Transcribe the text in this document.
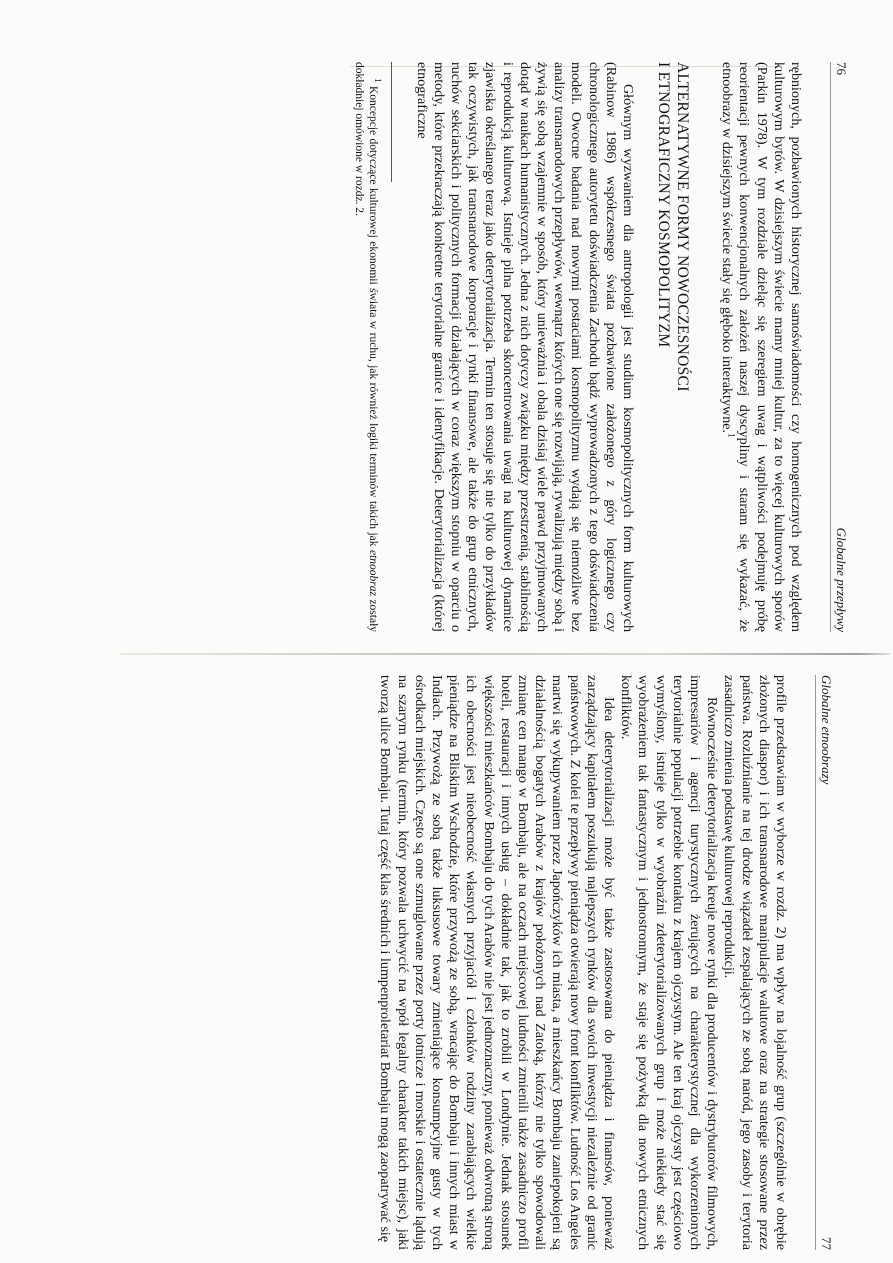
76
Globalne przepływy

rębnionych, pozbawionych historycznej samoświadomości czy homogenicznych pod względem kulturowym bytów. W dzisiejszym świecie mamy mniej kultur, za to więcej kulturowych sporów (Parkin 1978). W tym rozdziale dzieląc się szeregiem uwag i wątpliwości podejmuję próbę reorientacji pewnych konwencjonalnych założeń naszej dyscypliny i staram się wykazać, że etnoobrazy w dzisiejszym świecie stały się głęboko interaktywne.$^1$

ALTERNATYWNE FORMY NOWOCZESNOŚCI
I ETNOGRAFICZNY KOSMOPOLITYZM

Głównym wyzwaniem dla antropologii jest studium kosmopolitycznych form kulturowych (Rabinow 1986) współczesnego świata pozbawione założonego z góry logicznego czy chronologicznego autorytetu doświadczenia Zachodu bądź wyprowadzonych z tego doświadczenia modeli. Owocne badania nad nowymi postaciami kosmopolityzmu wydają się niemożliwe bez analizy transnarodowych przepływów, wewnątrz których one się rozwijają, rywalizują między sobą i żywią się sobą wzajemnie w sposób, który unieważnia i obala dzisiaj wiele prawd przyjmowanych dotąd w naukach humanistycznych. Jedna z nich dotyczy związku między przestrzenią, stabilnością i reprodukcją kulturową. Istnieje pilna potrzeba skoncentrowania uwagi na kulturowej dynamice zjawiska określanego teraz jako deterytorializacja. Termin ten stosuje się nie tylko do przykładów tak oczywistych, jak transnarodowe korporacje i rynki finansowe, ale także do grup etnicznych, ruchów sekciarskich i politycznych formacji działających w coraz większym stopniu w oparciu o metody, które przekraczają konkretne terytorialne granice i identyfikacje. Deterytorializacja (której etnograficzne

$^1$ Koncepcje dotyczące kulturowej ekonomii świata w ruchu, jak również logiki terminów takich jak etnoobraz zostały dokładniej omówione w rozdz. 2.

Globalne etnoobrazy
77

profile przedstawiam w wyborze w rozdz. 2) ma wpływ na lojalność grup (szczególnie w obrębie złożonych diaspor) i ich transnarodowe manipulacje walutowe oraz na strategie stosowane przez państwa. Rozluźnianie na tej drodze wiązadeł zespalających ze sobą naród, jego zasoby i terytoria zasadniczo zmienia podstawę kulturowej reprodukcji.

Równocześnie deterytorializacja kreuje nowe rynki dla producentów i dystrybutorów filmowych, impresariów i agencji turystycznych żerujących na charakterystycznej dla wykorzenionych terytorialnie populacji potrzebie kontaktu z krajem ojczystym. Ale ten kraj ojczysty jest częściowo wymyślony, istnieje tylko w wyobraźni zdeterytorializowanych grup i może niekiedy stać się wyobrażeniem tak fantastycznym i jednostronnym, że staje się pożywką dla nowych etnicznych konfliktów.

Idea deterytorializacji może być także zastosowana do pieniądza i finansów, ponieważ zarządzający kapitałem poszukują najlepszych rynków dla swoich inwestycji niezależnie od granic państwowych. Z kolei te przepływy pieniądza otwierają nowy front konfliktów. Ludność Los Angeles martwi się wykupywaniem przez Japończyków ich miasta, a mieszkańcy Bombaju zaniepokojeni są działalnością bogatych Arabów z krajów położonych nad Zatoką, którzy nie tylko spowodowali zmianę cen mango w Bombaju, ale na oczach miejscowej ludności zmienili także zasadniczo profil hoteli, restauracji i innych usług – dokładnie tak, jak to zrobili w Londynie. Jednak stosunek większości mieszkańców Bombaju do tych Arabów nie jest jednoznaczny, ponieważ odwrotną stroną ich obecności jest nieobecność własnych przyjaciół i członków rodziny zarabiających wielkie pieniądze na Bliskim Wschodzie, które przywożą ze sobą, wracając do Bombaju i innych miast w Indiach. Przywożą ze sobą także luksusowe towary zmieniające konsumpcyjne gusty w tych ośrodkach miejskich. Często są one szmuglowane przez porty lotnicze i morskie i ostatecznie lądują na szarym rynku (termin, który pozwala uchwycić na wpół legalny charakter takich miejsc), jaki tworzą ulice Bombaju. Tutaj część klas średnich i lumpenproletariat Bombaju mogą zaopatrywać się
